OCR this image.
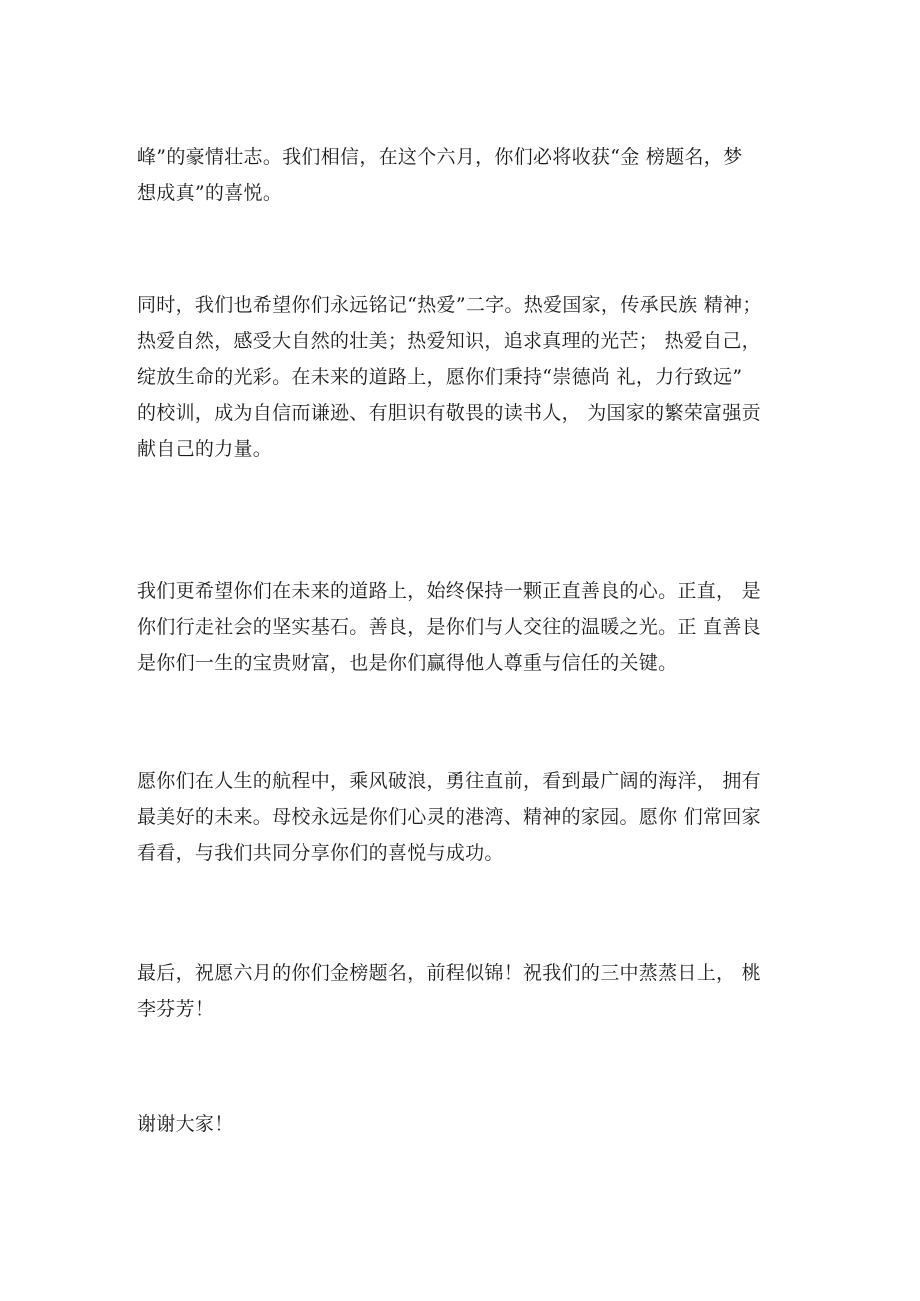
峰”的豪情壮志。我们相信，在这个六月，你们必将收获“金 榜题名，梦
想成真”的喜悦。

同时，我们也希望你们永远铭记“热爱”二字。热爱国家，传承民族 精神；
热爱自然，感受大自然的壮美；热爱知识，追求真理的光芒； 热爱自己，
绽放生命的光彩。在未来的道路上，愿你们秉持“崇德尚 礼，力行致远”
的校训，成为自信而谦逊、有胆识有敬畏的读书人， 为国家的繁荣富强贡
献自己的力量。

我们更希望你们在未来的道路上，始终保持一颗正直善良的心。正直， 是
你们行走社会的坚实基石。善良，是你们与人交往的温暖之光。正 直善良
是你们一生的宝贵财富，也是你们赢得他人尊重与信任的关键。

愿你们在人生的航程中，乘风破浪，勇往直前，看到最广阔的海洋， 拥有
最美好的未来。母校永远是你们心灵的港湾、精神的家园。愿你 们常回家
看看，与我们共同分享你们的喜悦与成功。

最后，祝愿六月的你们金榜题名，前程似锦！祝我们的三中蒸蒸日上， 桃
李芬芳！

谢谢大家！
